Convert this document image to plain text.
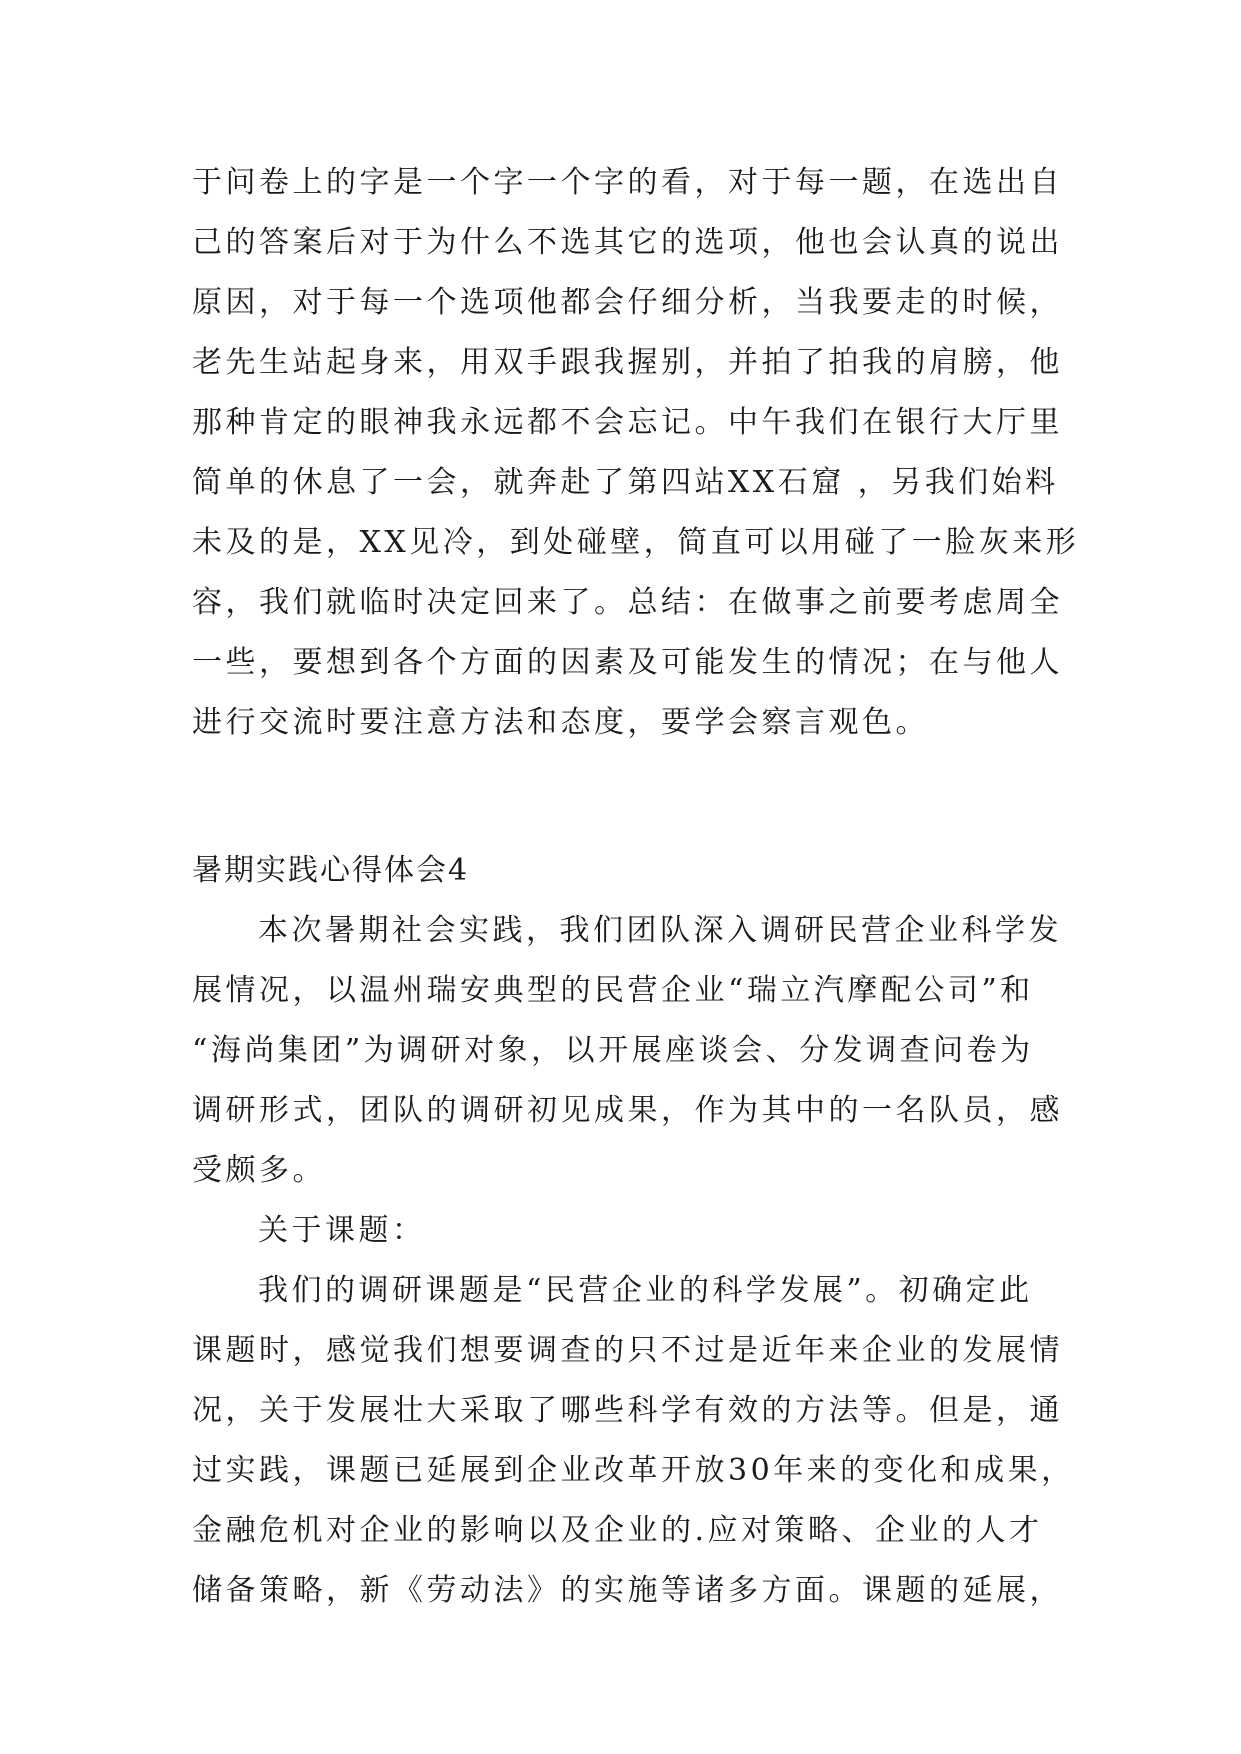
于问卷上的字是一个字一个字的看，对于每一题，在选出自
己的答案后对于为什么不选其它的选项，他也会认真的说出
原因，对于每一个选项他都会仔细分析，当我要走的时候，
老先生站起身来，用双手跟我握别，并拍了拍我的肩膀，他
那种肯定的眼神我永远都不会忘记。中午我们在银行大厅里
简单的休息了一会，就奔赴了第四站XX石窟 ，另我们始料
未及的是，XX见冷，到处碰壁，简直可以用碰了一脸灰来形
容，我们就临时决定回来了。总结：在做事之前要考虑周全
一些，要想到各个方面的因素及可能发生的情况；在与他人
进行交流时要注意方法和态度，要学会察言观色。
暑期实践心得体会4
本次暑期社会实践，我们团队深入调研民营企业科学发
展情况，以温州瑞安典型的民营企业“瑞立汽摩配公司”和
“海尚集团”为调研对象，以开展座谈会、分发调查问卷为
调研形式，团队的调研初见成果，作为其中的一名队员，感
受颇多。
关于课题：
我们的调研课题是“民营企业的科学发展”。初确定此
课题时，感觉我们想要调查的只不过是近年来企业的发展情
况，关于发展壮大采取了哪些科学有效的方法等。但是，通
过实践，课题已延展到企业改革开放30年来的变化和成果，
金融危机对企业的影响以及企业的.应对策略、企业的人才
储备策略，新《劳动法》的实施等诸多方面。课题的延展，
